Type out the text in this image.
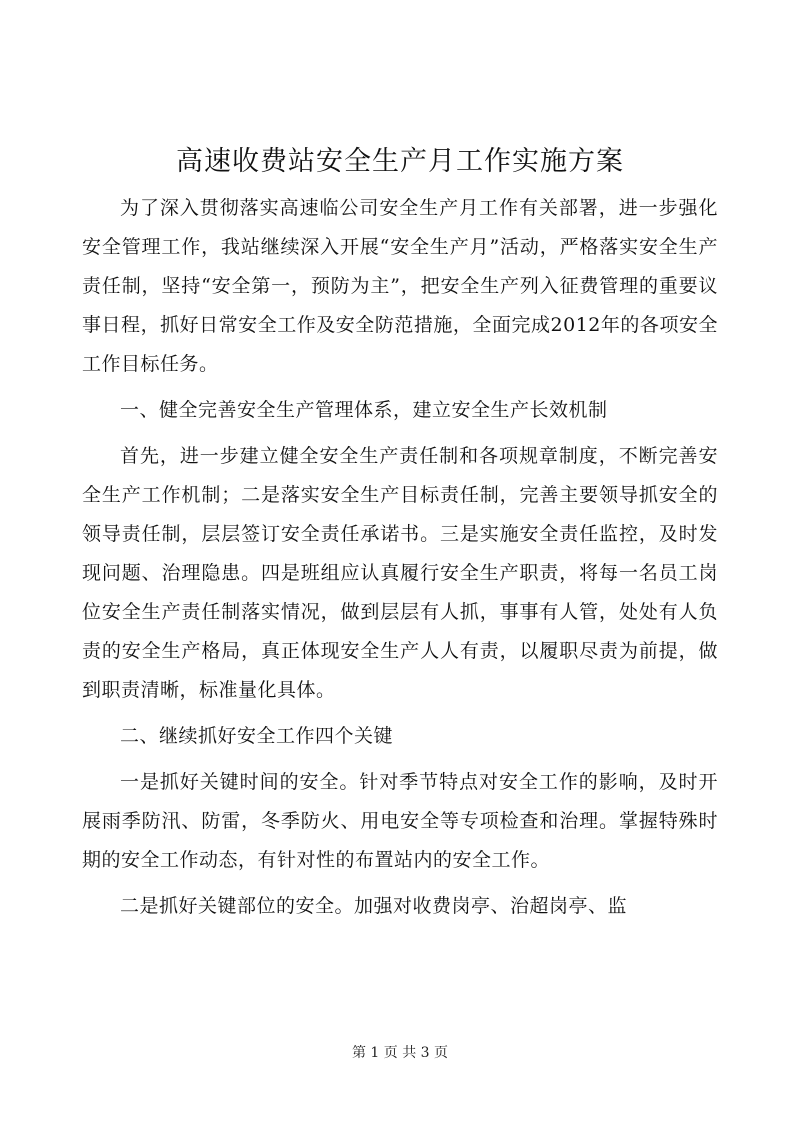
高速收费站安全生产月工作实施方案

为了深入贯彻落实高速临公司安全生产月工作有关部署，进一步强化安全管理工作，我站继续深入开展“安全生产月”活动，严格落实安全生产责任制，坚持“安全第一，预防为主”，把安全生产列入征费管理的重要议事日程，抓好日常安全工作及安全防范措施，全面完成2012年的各项安全工作目标任务。

一、健全完善安全生产管理体系，建立安全生产长效机制

首先，进一步建立健全安全生产责任制和各项规章制度，不断完善安全生产工作机制；二是落实安全生产目标责任制，完善主要领导抓安全的领导责任制，层层签订安全责任承诺书。三是实施安全责任监控，及时发现问题、治理隐患。四是班组应认真履行安全生产职责，将每一名员工岗位安全生产责任制落实情况，做到层层有人抓，事事有人管，处处有人负责的安全生产格局，真正体现安全生产人人有责，以履职尽责为前提，做到职责清晰，标准量化具体。

二、继续抓好安全工作四个关键

一是抓好关键时间的安全。针对季节特点对安全工作的影响，及时开展雨季防汛、防雷，冬季防火、用电安全等专项检查和治理。掌握特殊时期的安全工作动态，有针对性的布置站内的安全工作。

二是抓好关键部位的安全。加强对收费岗亭、治超岗亭、监

第 1 页 共 3 页
